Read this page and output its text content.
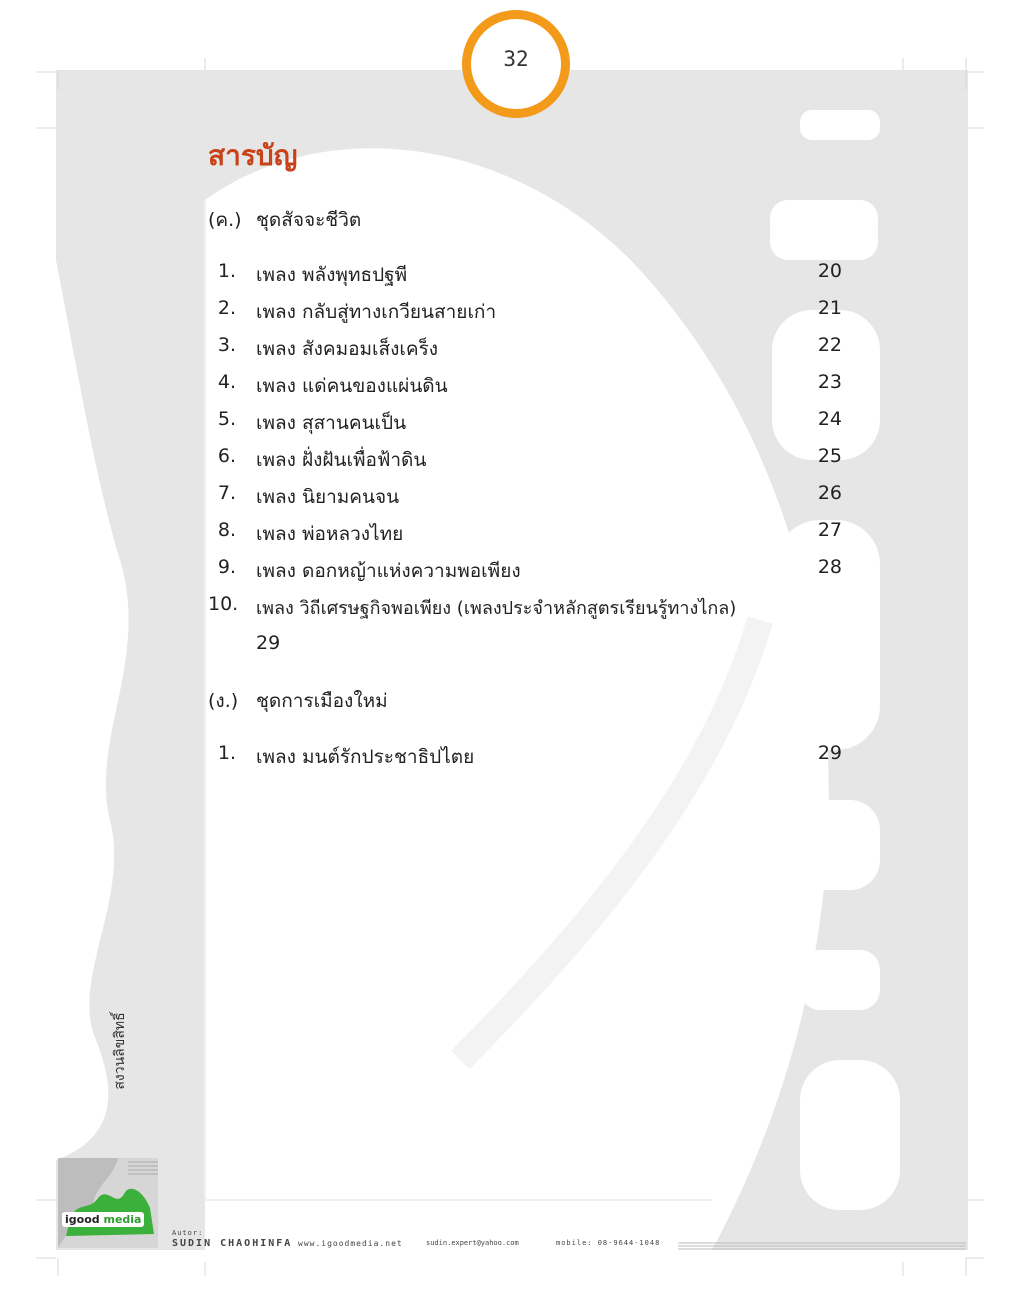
32
สารบัญ
(ค.) ชุดสัจจะชีวิต
1. เพลง พลังพุทธปฐพี	20
2. เพลง กลับสู่ทางเกวียนสายเก่า	21
3. เพลง สังคมอมเส็งเคร็ง	22
4. เพลง แด่คนของแผ่นดิน	23
5. เพลง สุสานคนเป็น	24
6. เพลง ฝั่งฝันเพื่อฟ้าดิน	25
7. เพลง นิยามคนจน	26
8. เพลง พ่อหลวงไทย	27
9. เพลง ดอกหญ้าแห่งความพอเพียง	28
10. เพลง วิถีเศรษฐกิจพอเพียง (เพลงประจำหลักสูตรเรียนรู้ทางไกล)
29
(ง.) ชุดการเมืองใหม่
1. เพลง มนต์รักประชาธิปไตย	29
สงวนลิขสิทธิ์
igood media
Autor:
SUDIN CHAOHINFA www.igoodmedia.net	sudin.expert@yahoo.com	mobile: 08-9644-1048
